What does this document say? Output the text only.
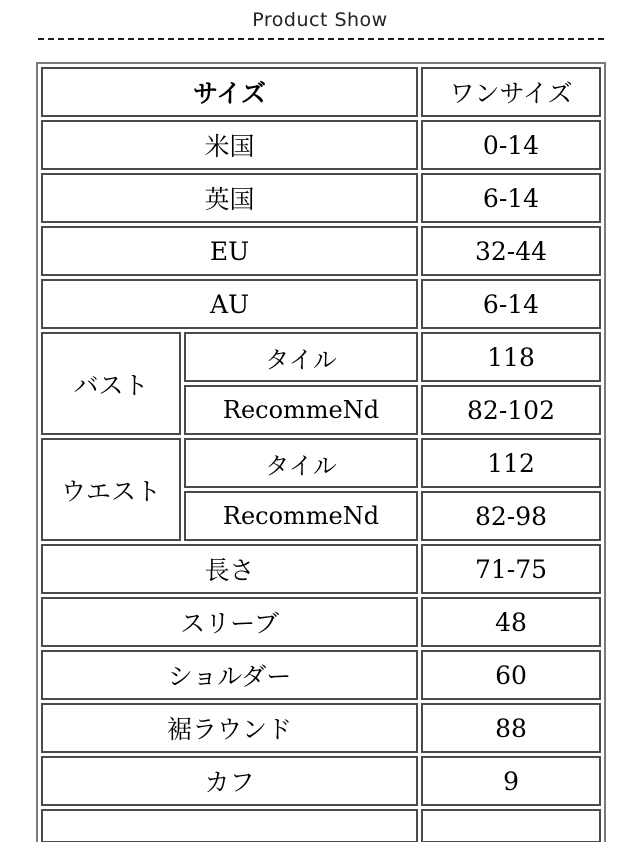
Product Show
サイズ		ワンサイズ
米国		0-14
英国		6-14
EU		32-44
AU		6-14
バスト	タイル	118
	RecommeNd	82-102
ウエスト	タイル	112
	RecommeNd	82-98
長さ		71-75
スリーブ		48
ショルダー		60
裾ラウンド		88
カフ		9
